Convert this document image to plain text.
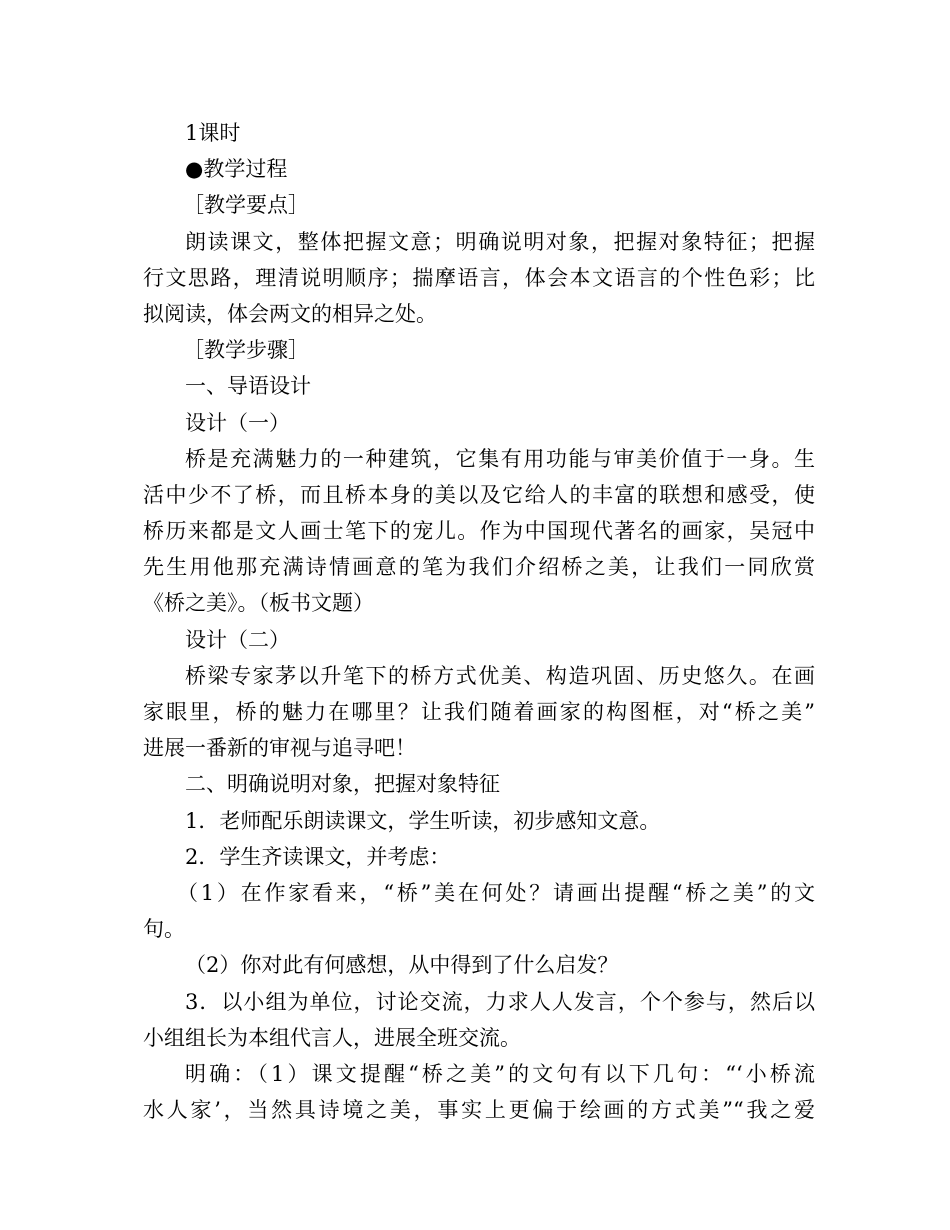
1课时
●教学过程
［教学要点］
朗读课文，整体把握文意；明确说明对象，把握对象特征；把握
行文思路，理清说明顺序；揣摩语言，体会本文语言的个性色彩；比
拟阅读，体会两文的相异之处。
［教学步骤］
一、导语设计
设计（一）
桥是充满魅力的一种建筑，它集有用功能与审美价值于一身。生
活中少不了桥，而且桥本身的美以及它给人的丰富的联想和感受，使
桥历来都是文人画士笔下的宠儿。作为中国现代著名的画家，吴冠中
先生用他那充满诗情画意的笔为我们介绍桥之美，让我们一同欣赏
《桥之美》。（板书文题）
设计（二）
桥梁专家茅以升笔下的桥方式优美、构造巩固、历史悠久。在画
家眼里，桥的魅力在哪里？让我们随着画家的构图框，对“桥之美”
进展一番新的审视与追寻吧！
二、明确说明对象，把握对象特征
1．老师配乐朗读课文，学生听读，初步感知文意。
2．学生齐读课文，并考虑：
（1）在作家看来，“桥”美在何处？请画出提醒“桥之美”的文
句。
（2）你对此有何感想，从中得到了什么启发？
3．以小组为单位，讨论交流，力求人人发言，个个参与，然后以
小组组长为本组代言人，进展全班交流。
明确：（1）课文提醒“桥之美”的文句有以下几句：“‘小桥流
水人家’，当然具诗境之美，事实上更偏于绘画的方式美”“我之爱
